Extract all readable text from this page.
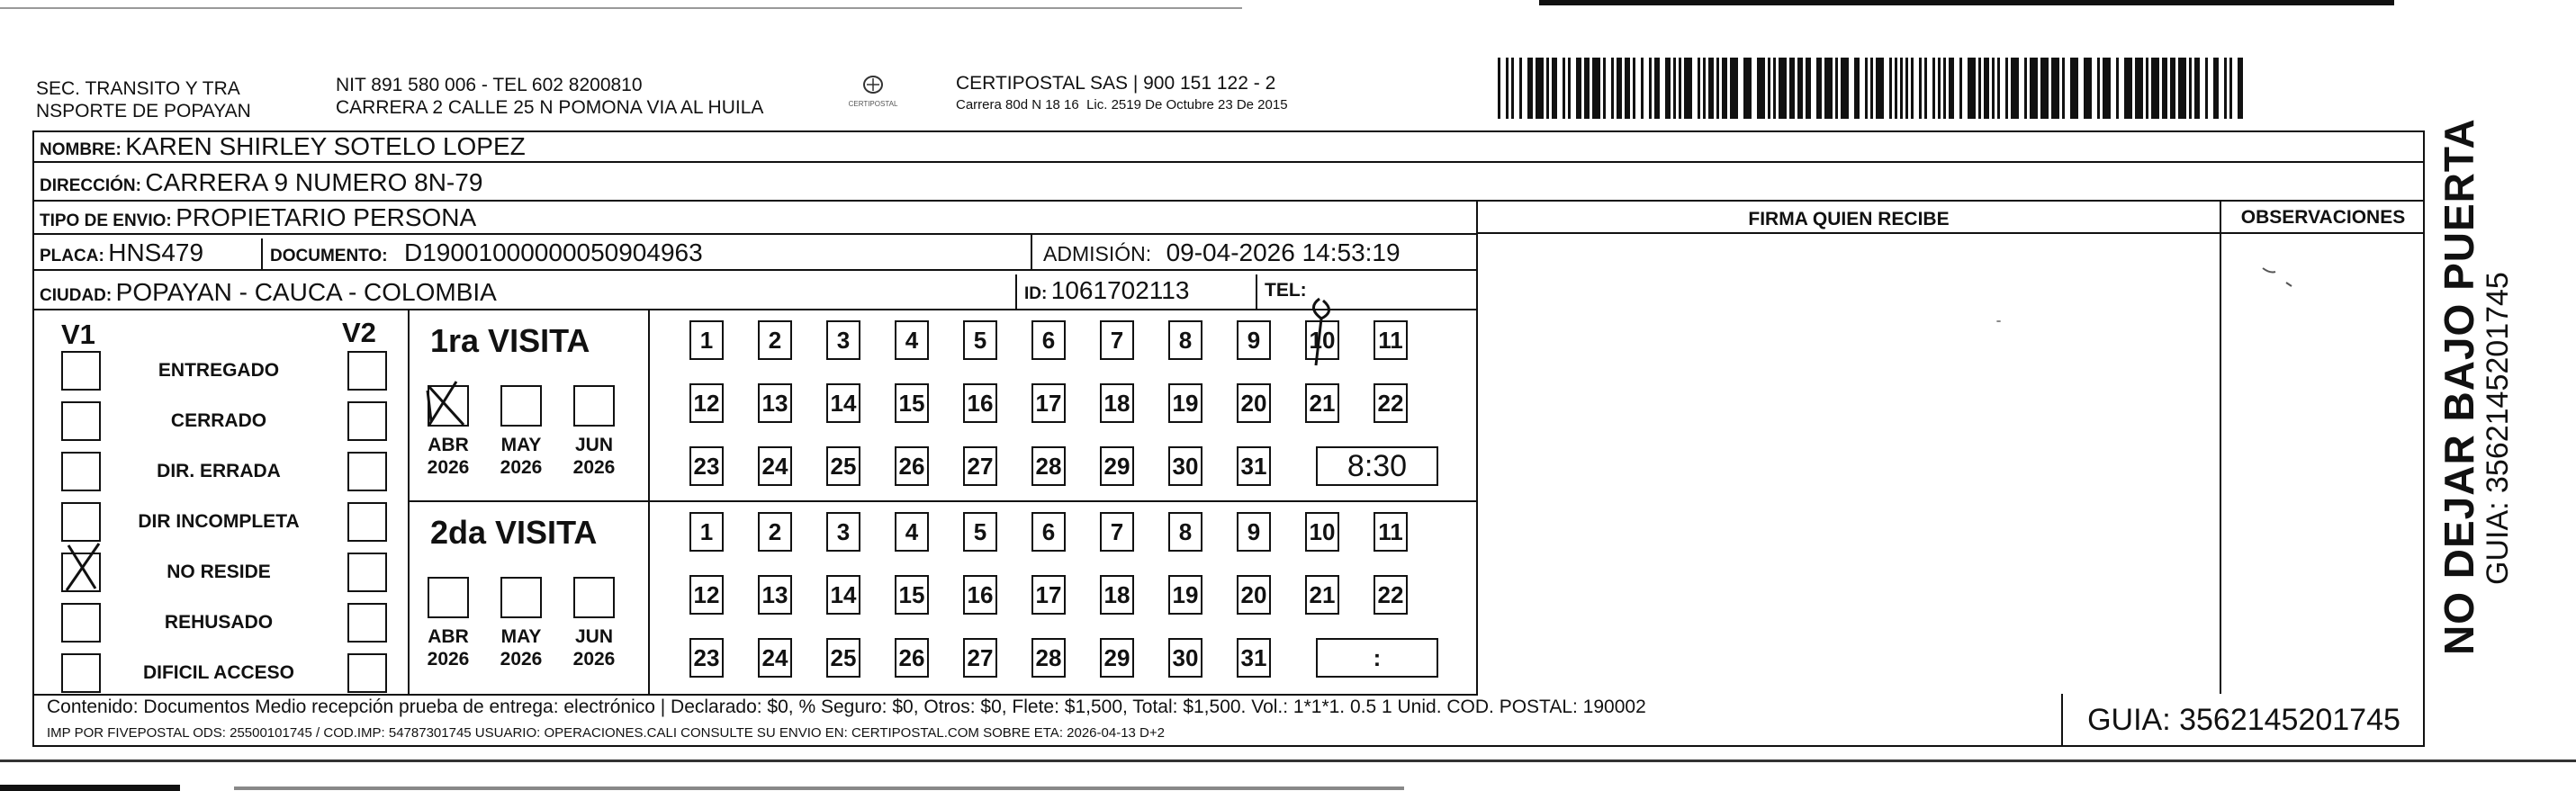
SEC. TRANSITO Y TRA
NSPORTE DE POPAYAN
NIT 891 580 006 - TEL 602 8200810
CARRERA 2 CALLE 25 N POMONA VIA AL HUILA	CERTIPOSTAL
CERTIPOSTAL SAS | 900 151 122 - 2
Carrera 80d N 18 16  Lic. 2519 De Octubre 23 De 2015
NOMBRE: KAREN SHIRLEY SOTELO LOPEZ
DIRECCIÓN: CARRERA 9 NUMERO 8N-79
TIPO DE ENVIO: PROPIETARIO PERSONA
PLACA: HNS479	DOCUMENTO: D19001000000050904963	ADMISIÓN: 09-04-2026 14:53:19
CIUDAD: POPAYAN - CAUCA - COLOMBIA	ID: 1061702113	TEL:
FIRMA QUIEN RECIBE	OBSERVACIONES
ˉ
V1	V2
ENTREGADO
CERRADO
DIR. ERRADA
DIR INCOMPLETA
NO RESIDE
REHUSADO
DIFICIL ACCESO
1ra VISITA
ABR
2026
MAY
2026
JUN
2026
1 2 3 4 5 6 7 8 9 10 11
12 13 14 15 16 17 18 19 20 21 22
23 24 25 26 27 28 29 30 31	8:30
2da VISITA
ABR
2026
MAY
2026
JUN
2026
1 2 3 4 5 6 7 8 9 10 11
12 13 14 15 16 17 18 19 20 21 22
23 24 25 26 27 28 29 30 31	:
Contenido: Documentos Medio recepción prueba de entrega: electrónico | Declarado: $0, % Seguro: $0, Otros: $0, Flete: $1,500, Total: $1,500. Vol.: 1*1*1. 0.5 1 Unid. COD. POSTAL: 190002
IMP POR FIVEPOSTAL ODS: 25500101745 / COD.IMP: 54787301745 USUARIO: OPERACIONES.CALI CONSULTE SU ENVIO EN: CERTIPOSTAL.COM SOBRE ETA: 2026-04-13 D+2	GUIA: 3562145201745
NO DEJAR BAJO PUERTA
GUIA: 3562145201745
